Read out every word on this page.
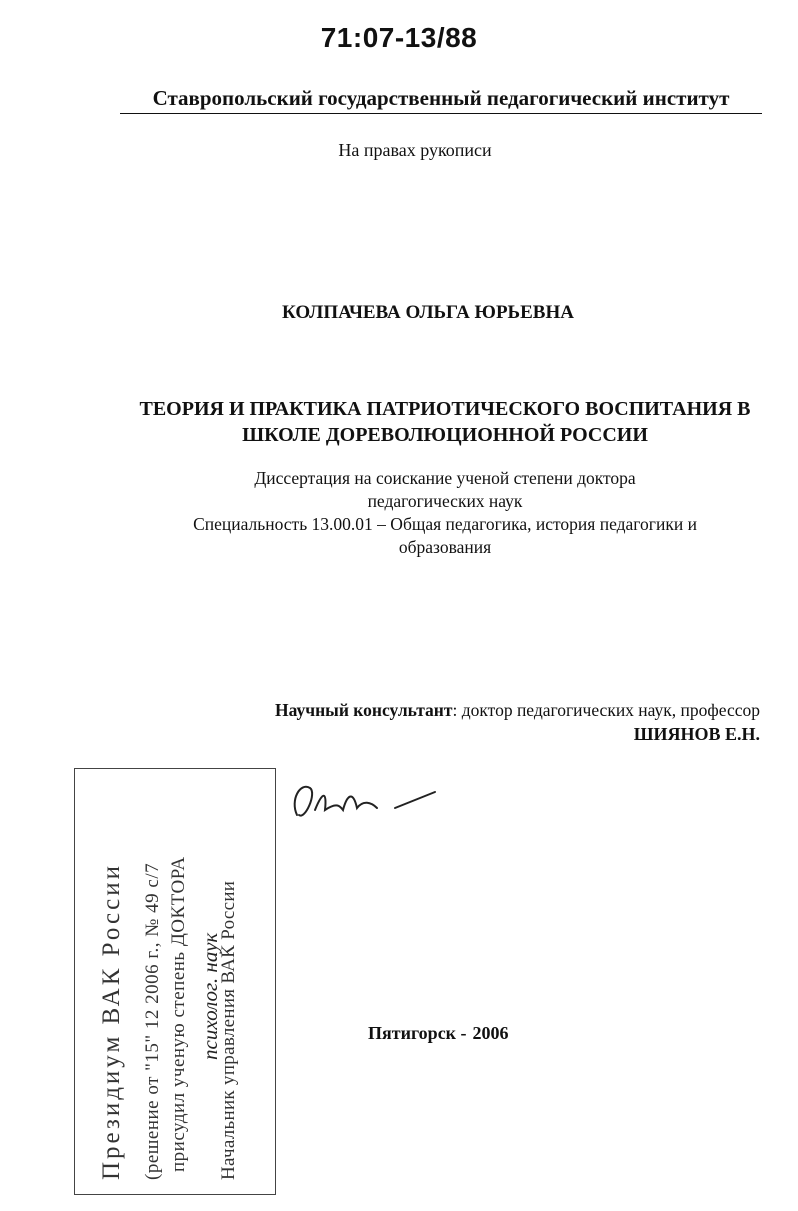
71:07-13/88
Ставропольский государственный педагогический институт
На правах рукописи
КОЛПАЧЕВА ОЛЬГА ЮРЬЕВНА
ТЕОРИЯ И ПРАКТИКА ПАТРИОТИЧЕСКОГО ВОСПИТАНИЯ В
ШКОЛЕ ДОРЕВОЛЮЦИОННОЙ РОССИИ
Диссертация на соискание ученой степени доктора
педагогических наук
Специальность 13.00.01 – Общая педагогика, история педагогики и
образования
Научный консультант: доктор педагогических наук, профессор
ШИЯНОВ Е.Н.
Президиум ВАК России (решение от "15" 12 2006 г., № 49 с/7 присудил ученую степень ДОКТОРА психолог. наук
Начальник управления ВАК России	Пятигорск - 2006
